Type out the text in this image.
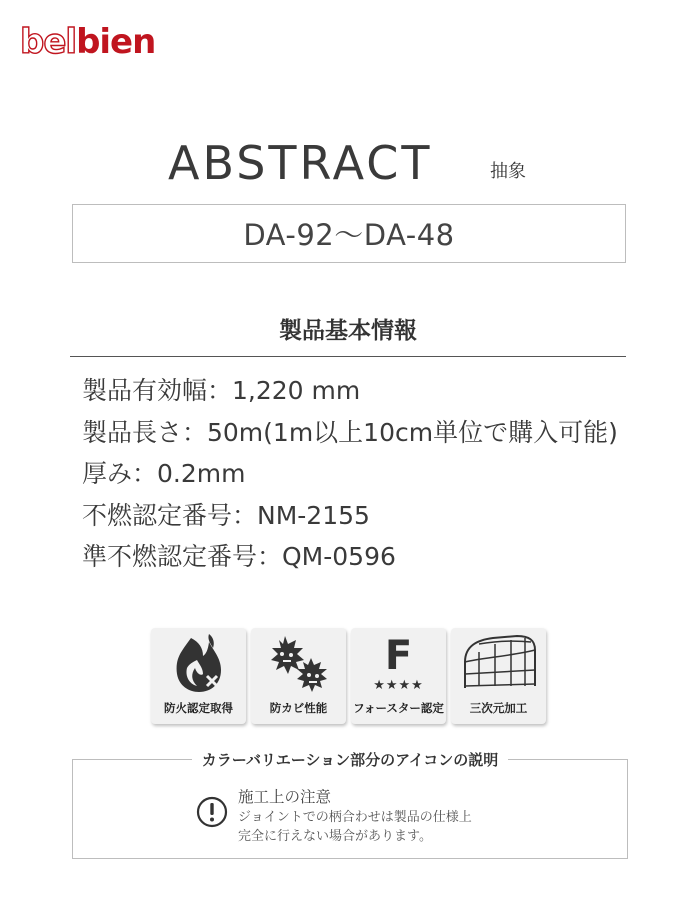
belbien
ABSTRACT	抽象
DA-92〜DA-48
製品基本情報
製品有効幅：1,220 mm
製品長さ：50m(1m以上10cm単位で購入可能)
厚み：0.2mm
不燃認定番号：NM-2155
準不燃認定番号：QM-0596
防火認定取得	防カビ性能
F
★★★★
フォースター認定	三次元加工
カラーバリエーション部分のアイコンの説明
施工上の注意
ジョイントでの柄合わせは製品の仕様上
完全に行えない場合があります。
